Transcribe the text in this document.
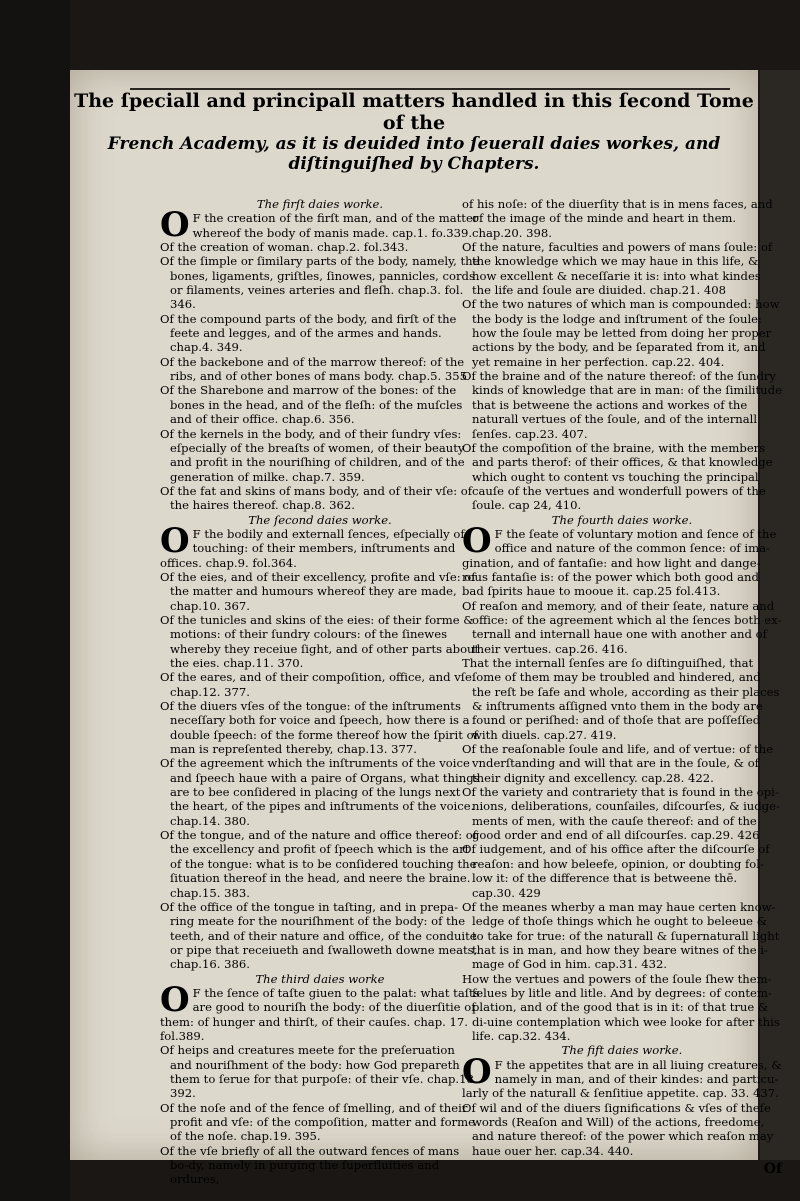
The ſpeciall and principall matters handled in this ſecond Tome of the

French Academy, as it is deuided into ſeuerall daies workes, and diſtinguiſhed by Chapters.

The firſt daies worke.

O F the creation of the firſt man, and of the matter whereof the body of manis made. cap.1. fo.339.

Of the creation of woman. chap.2. fol.343.

Of the ſimple or ſimilary parts of the body, namely, the bones, ligaments, griſtles, ſinowes, pannicles, cords or filaments, veines arteries and fleſh. chap.3. fol. 346.

Of the compound parts of the body, and firſt of the feete and legges, and of the armes and hands. chap.4. 349.

Of the backebone and of the marrow thereof: of the ribs, and of other bones of mans body. chap.5. 355

Of the Sharebone and marrow of the bones: of the bones in the head, and of the fleſh: of the muſcles and of their office. chap.6. 356.

Of the kernels in the body, and of their ſundry vſes: eſpecially of the breaſts of women, of their beauty and profit in the nouriſhing of children, and of the generation of milke. chap.7. 359.

Of the fat and skins of mans body, and of their vſe: of the haires thereof. chap.8. 362.

The ſecond daies worke.

O F the bodily and externall ſences, eſpecially of touching: of their members, inſtruments and offices. chap.9. fol.364.

Of the eies, and of their excellency, profite and vſe: of the matter and humours whereof they are made, chap.10. 367.

Of the tunicles and skins of the eies: of their forme & motions: of their ſundry colours: of the ſinewes whereby they receiue ſight, and of other parts about the eies. chap.11. 370.

Of the eares, and of their compoſition, office, and vſe. chap.12. 377.

Of the diuers vſes of the tongue: of the inſtruments neceſſary both for voice and ſpeech, how there is a double ſpeech: of the forme thereof how the ſpirit of man is repreſented thereby, chap.13. 377.

Of the agreement which the inſtruments of the voice and ſpeech haue with a paire of Organs, what things are to bee conſidered in placing of the lungs next the heart, of the pipes and inſtruments of the voice. chap.14. 380.

Of the tongue, and of the nature and office thereof: of the excellency and profit of ſpeech which is the art of the tongue: what is to be conſidered touching the ſituation thereof in the head, and neere the braine. chap.15. 383.

Of the office of the tongue in taſting, and in prepa-ring meate for the nouriſhment of the body: of the teeth, and of their nature and office, of the conduite or pipe that receiueth and ſwalloweth downe meats, chap.16. 386.

The third daies worke

O F the ſence of taſte giuen to the palat: what taſts are good to nouriſh the body: of the diuerſitie of them: of hunger and thirſt, of their cauſes. chap. 17. fol.389.

Of heips and creatures meete for the preſeruation and nouriſhment of the body: how God prepareth them to ſerue for that purpoſe: of their vſe. chap.18. 392.

Of the noſe and of the fence of ſmelling, and of their profit and vſe: of the compoſition, matter and forme of the noſe. chap.19. 395.

Of the vſe briefly of all the outward fences of mans bo-dy, namely in purging the ſuperfluities and ordures,

of his noſe: of the diuerſity that is in mens faces, and of the image of the minde and heart in them. chap.20. 398.

Of the nature, faculties and powers of mans ſoule: of the knowledge which we may haue in this life, & how excellent & neceſſarie it is: into what kindes the life and ſoule are diuided. chap.21. 408

Of the two natures of which man is compounded: how the body is the lodge and inſtrument of the ſoule: how the ſoule may be letted from doing her proper actions by the body, and be ſeparated from it, and yet remaine in her perfection. cap.22. 404.

Of the braine and of the nature thereof: of the ſundry kinds of knowledge that are in man: of the ſimilitude that is betweene the actions and workes of the naturall vertues of the ſoule, and of the internall ſenſes. cap.23. 407.

Of the compoſition of the braine, with the members and parts therof: of their offices, & that knowledge which ought to content vs touching the principal cauſe of the vertues and wonderfull powers of the ſoule. cap 24, 410.

The fourth daies worke.

O F the ſeate of voluntary motion and ſence of the office and nature of the common ſence: of ima-gination, and of fantaſie: and how light and dange-rous fantaſie is: of the power which both good and bad ſpirits haue to mooue it. cap.25 fol.413.

Of reaſon and memory, and of their ſeate, nature and office: of the agreement which al the ſences both ex-ternall and internall haue one with another and of their vertues. cap.26. 416.

That the internall ſenſes are ſo diſtinguiſhed, that ſome of them may be troubled and hindered, and the reſt be ſafe and whole, according as their places & inſtruments aſſigned vnto them in the body are found or periſhed: and of thoſe that are poſſeſſed with diuels. cap.27. 419.

Of the reaſonable ſoule and life, and of vertue: of the vnderſtanding and will that are in the ſoule, & of their dignity and excellency. cap.28. 422.

Of the variety and contrariety that is found in the opi-nions, deliberations, counſailes, diſcourſes, & iudge-ments of men, with the cauſe thereof: and of the good order and end of all diſcourſes. cap.29. 426

Of iudgement, and of his office after the diſcourſe of reaſon: and how beleefe, opinion, or doubting fol-low it: of the difference that is betweene thē. cap.30. 429

Of the meanes wherby a man may haue certen know-ledge of thoſe things which he ought to beleeue & to take for true: of the naturall & ſupernaturall light that is in man, and how they beare witnes of the i-mage of God in him. cap.31. 432.

How the vertues and powers of the ſoule ſhew them-ſelues by litle and litle. And by degrees: of contem-plation, and of the good that is in it: of that true & di-uine contemplation which wee looke for after this life. cap.32. 434.

The fift daies worke.

O F the appetites that are in all liuing creatures, & namely in man, and of their kindes: and particu-larly of the naturall & ſenſitiue appetite. cap. 33. 437.

Of wil and of the diuers ſignifications & vſes of theſe words (Reaſon and Will) of the actions, freedome, and nature thereof: of the power which reaſon may haue ouer her. cap.34. 440.

Of
